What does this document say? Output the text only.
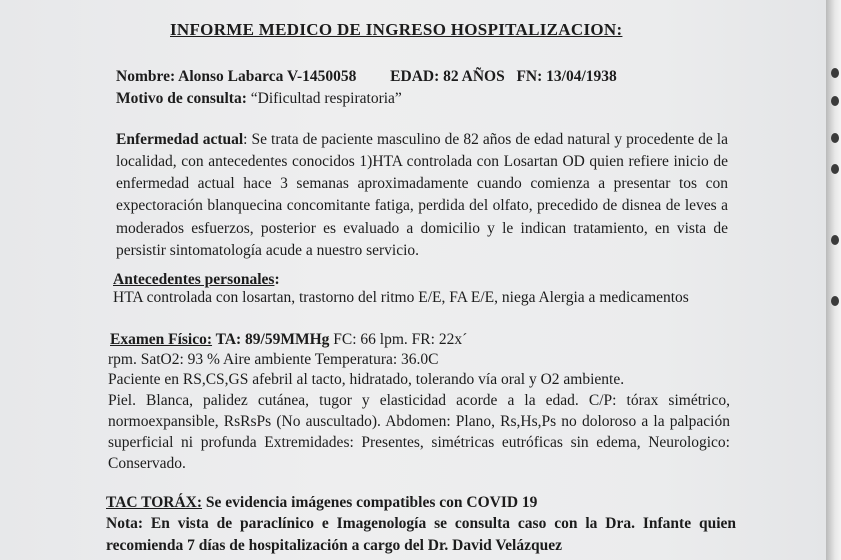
INFORME MEDICO DE INGRESO HOSPITALIZACION:
Nombre: Alonso Labarca V-1450058 EDAD: 82 AÑOS FN: 13/04/1938
Motivo de consulta: “Dificultad respiratoria”
Enfermedad actual: Se trata de paciente masculino de 82 años de edad natural y procedente de la
localidad, con antecedentes conocidos 1)HTA controlada con Losartan OD quien refiere inicio de
enfermedad actual hace 3 semanas aproximadamente cuando comienza a presentar tos con
expectoración blanquecina concomitante fatiga, perdida del olfato, precedido de disnea de leves a
moderados esfuerzos, posterior es evaluado a domicilio y le indican tratamiento, en vista de
persistir sintomatología acude a nuestro servicio.
Antecedentes personales:
HTA controlada con losartan, trastorno del ritmo E/E, FA E/E, niega Alergia a medicamentos
Examen Físico: TA: 89/59MMHg FC: 66 lpm. FR: 22x´
rpm. SatO2: 93 % Aire ambiente Temperatura: 36.0C
Paciente en RS,CS,GS afebril al tacto, hidratado, tolerando vía oral y O2 ambiente.
Piel. Blanca, palidez cutánea, tugor y elasticidad acorde a la edad. C/P: tórax simétrico,
normoexpansible, RsRsPs (No auscultado). Abdomen: Plano, Rs,Hs,Ps no doloroso a la palpación
superficial ni profunda Extremidades: Presentes, simétricas eutróficas sin edema, Neurologico:
Conservado.
TAC TORÁX: Se evidencia imágenes compatibles con COVID 19
Nota: En vista de paraclínico e Imagenología se consulta caso con la Dra. Infante quien
recomienda 7 días de hospitalización a cargo del Dr. David Velázquez
